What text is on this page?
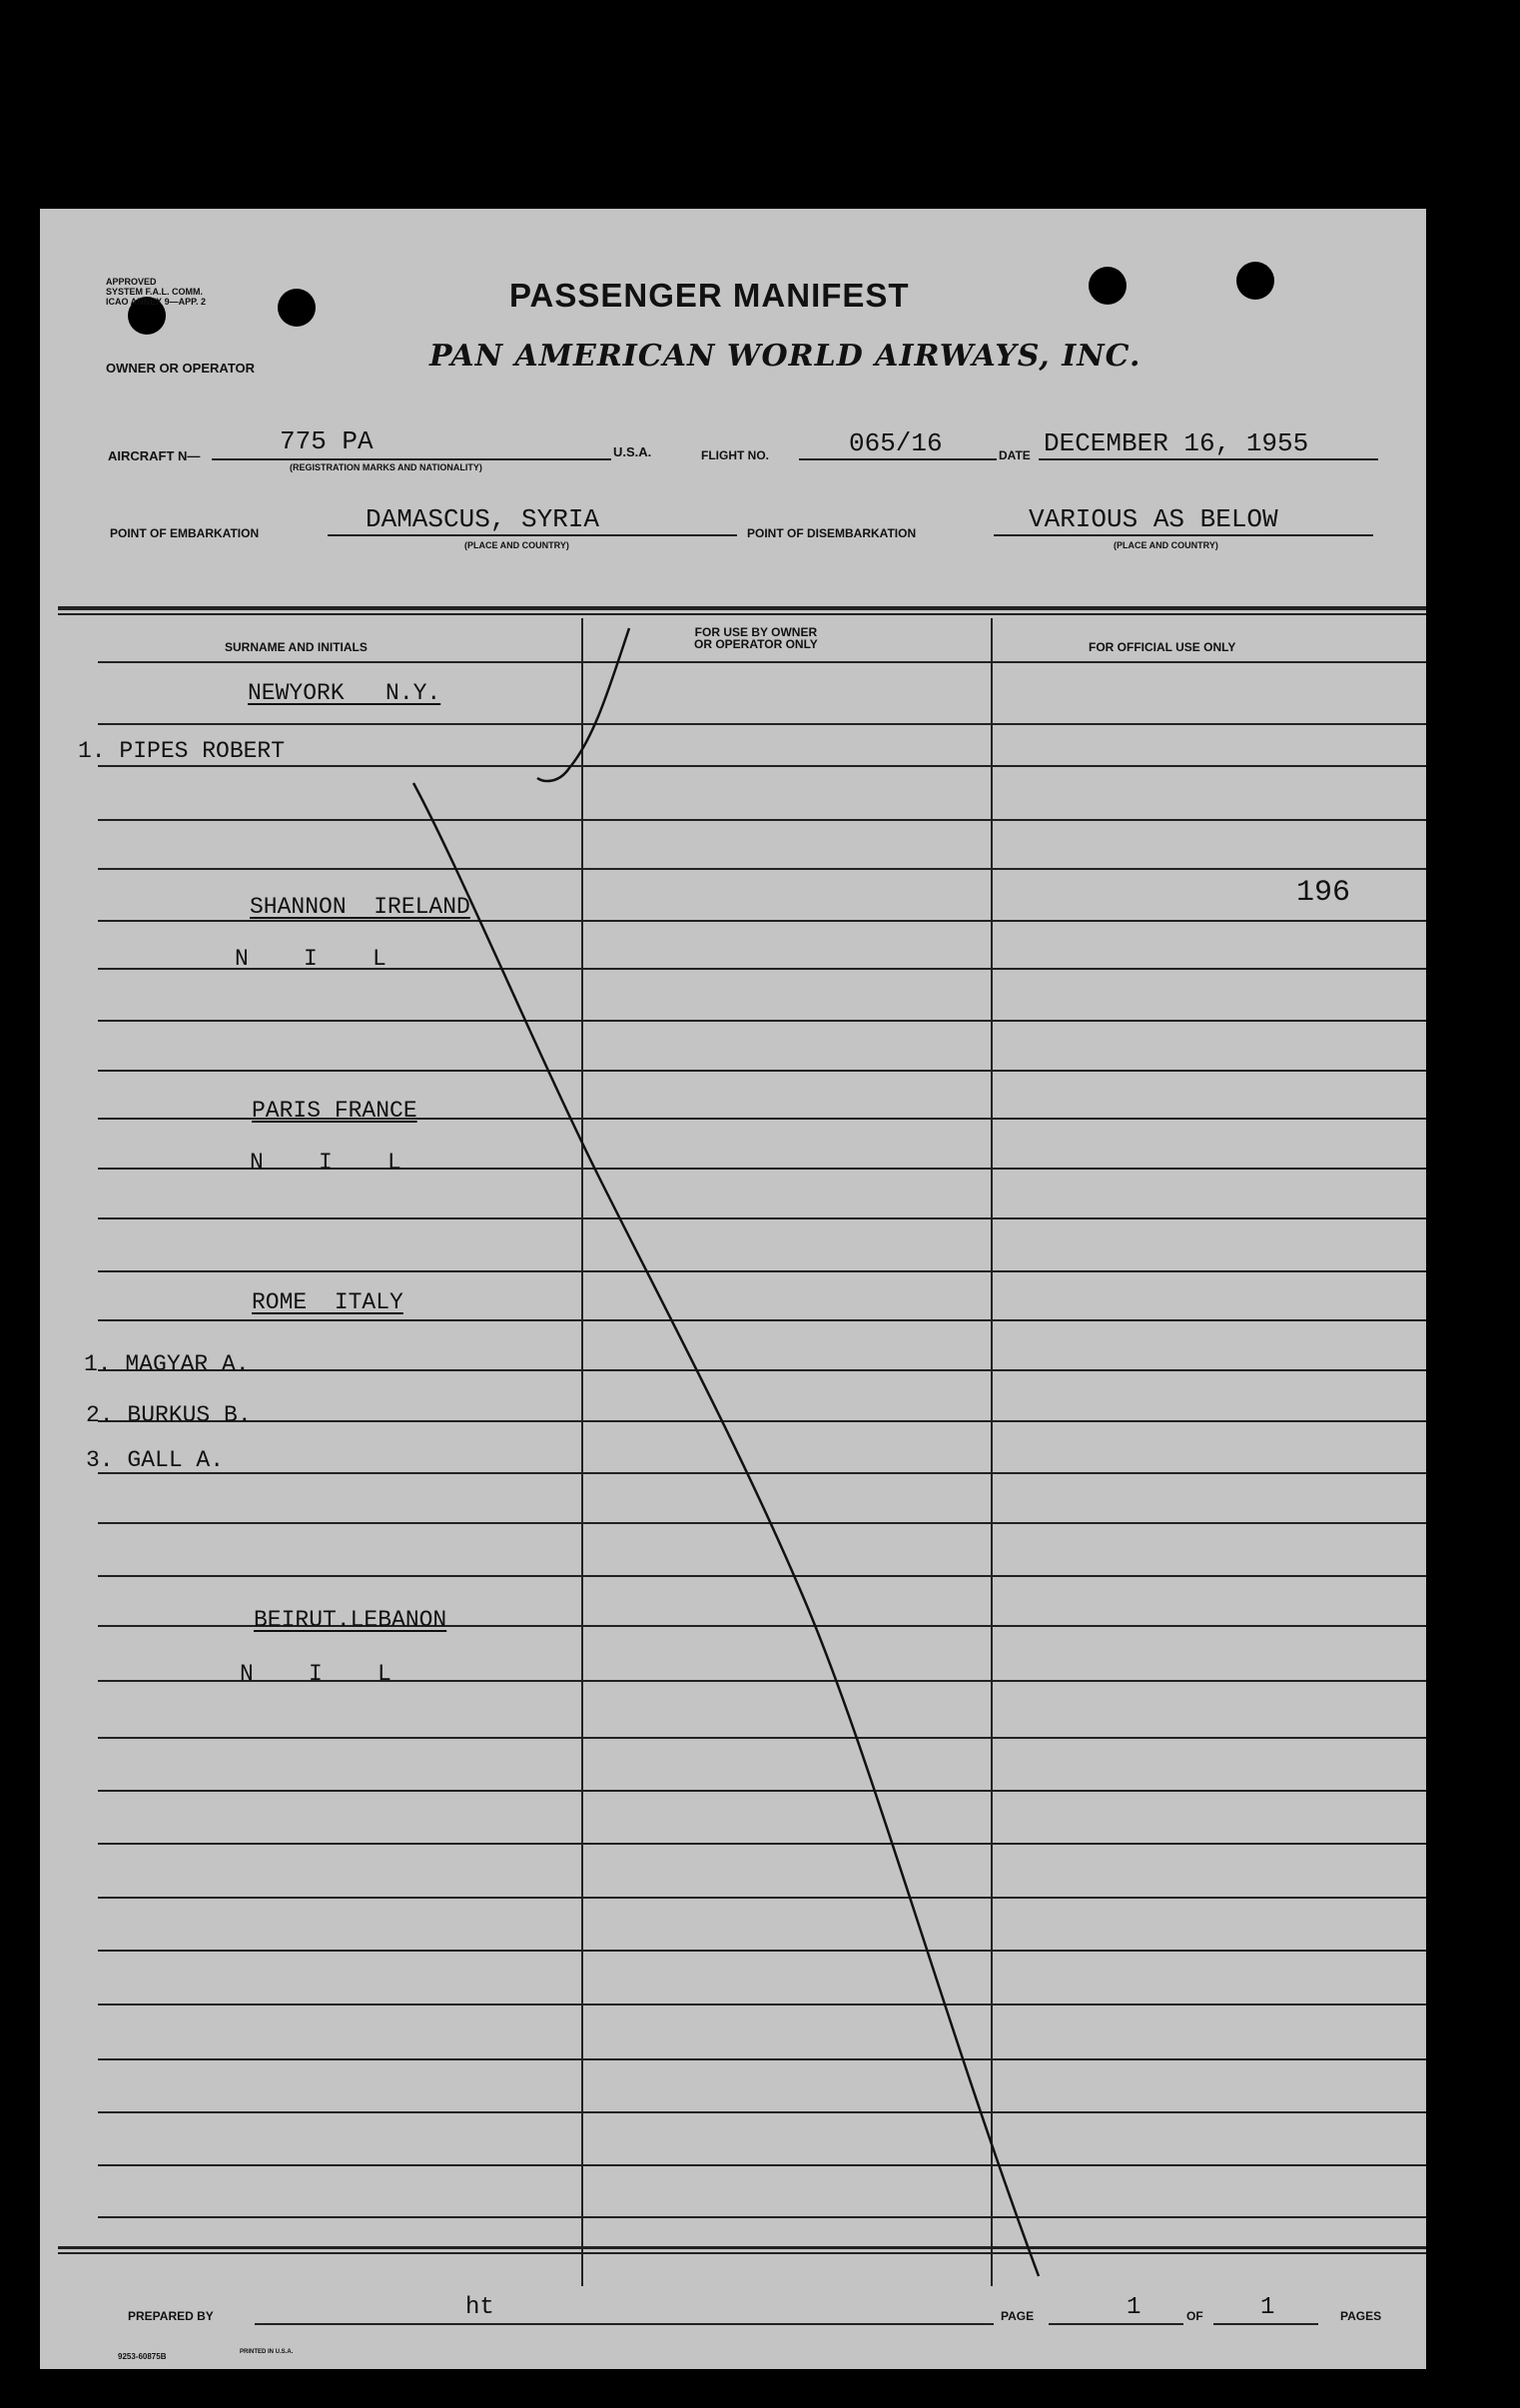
APPROVED
SYSTEM F.A.L. COMM.
ICAO ANNEX 9—APP. 2	PASSENGER MANIFEST
OWNER OR OPERATOR	PAN AMERICAN WORLD AIRWAYS, INC.
AIRCRAFT N—	775 PA
(REGISTRATION MARKS AND NATIONALITY)
U.S.A.	FLIGHT NO.	065/16	DATE DECEMBER 16, 1955
POINT OF EMBARKATION	DAMASCUS, SYRIA
(PLACE AND COUNTRY)
POINT OF DISEMBARKATION	VARIOUS AS BELOW
(PLACE AND COUNTRY)
SURNAME AND INITIALS
FOR USE BY OWNER
OR OPERATOR ONLY	FOR OFFICIAL USE ONLY
NEWYORK   N.Y.
1. PIPES ROBERT
SHANNON  IRELAND
N    I    L
196
PARIS FRANCE
N    I    L
ROME  ITALY
1. MAGYAR A.
2. BURKUS B.
3. GALL A.
BEIRUT.LEBANON
N    I    L
PREPARED BY	ht	PAGE	1	OF 1	PAGES
9253-60875B	PRINTED IN U.S.A.
